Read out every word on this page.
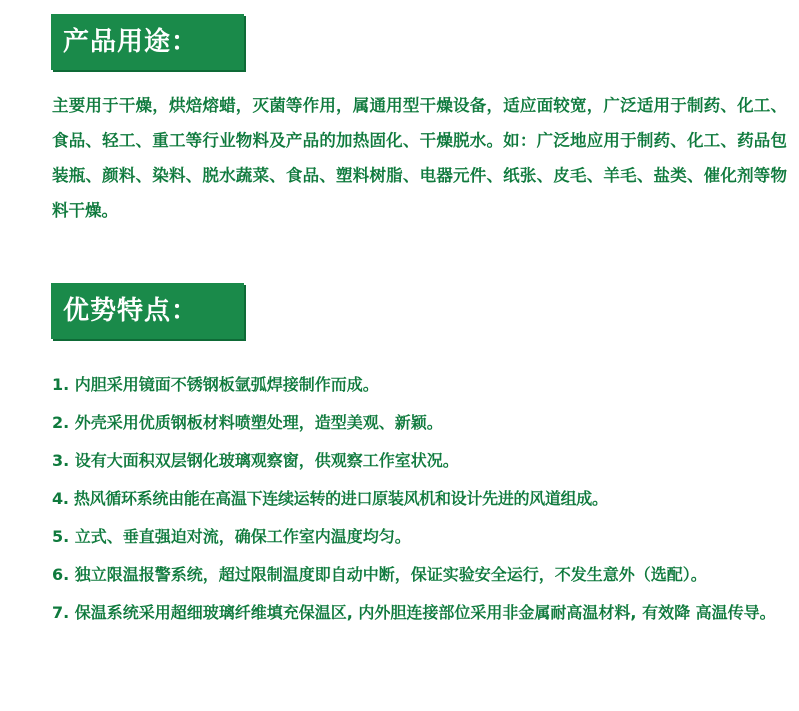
产品用途：

主要用于干燥，烘焙熔蜡，灭菌等作用，属通用型干燥设备，适应面较宽，广泛适用于制药、化工、食品、轻工、重工等行业物料及产品的加热固化、干燥脱水。如：广泛地应用于制药、化工、药品包装瓶、颜料、染料、脱水蔬菜、食品、塑料树脂、电器元件、纸张、皮毛、羊毛、盐类、催化剂等物料干燥。

优势特点：
1. 内胆采用镜面不锈钢板氩弧焊接制作而成。
2. 外壳采用优质钢板材料喷塑处理，造型美观、新颖。
3. 设有大面积双层钢化玻璃观察窗，供观察工作室状况。
4. 热风循环系统由能在高温下连续运转的进口原装风机和设计先进的风道组成。
5. 立式、垂直强迫对流，确保工作室内温度均匀。
6. 独立限温报警系统，超过限制温度即自动中断，保证实验安全运行，不发生意外（选配）。
7. 保温系统采用超细玻璃纤维填充保温区, 内外胆连接部位采用非金属耐高温材料, 有效降 高温传导。
